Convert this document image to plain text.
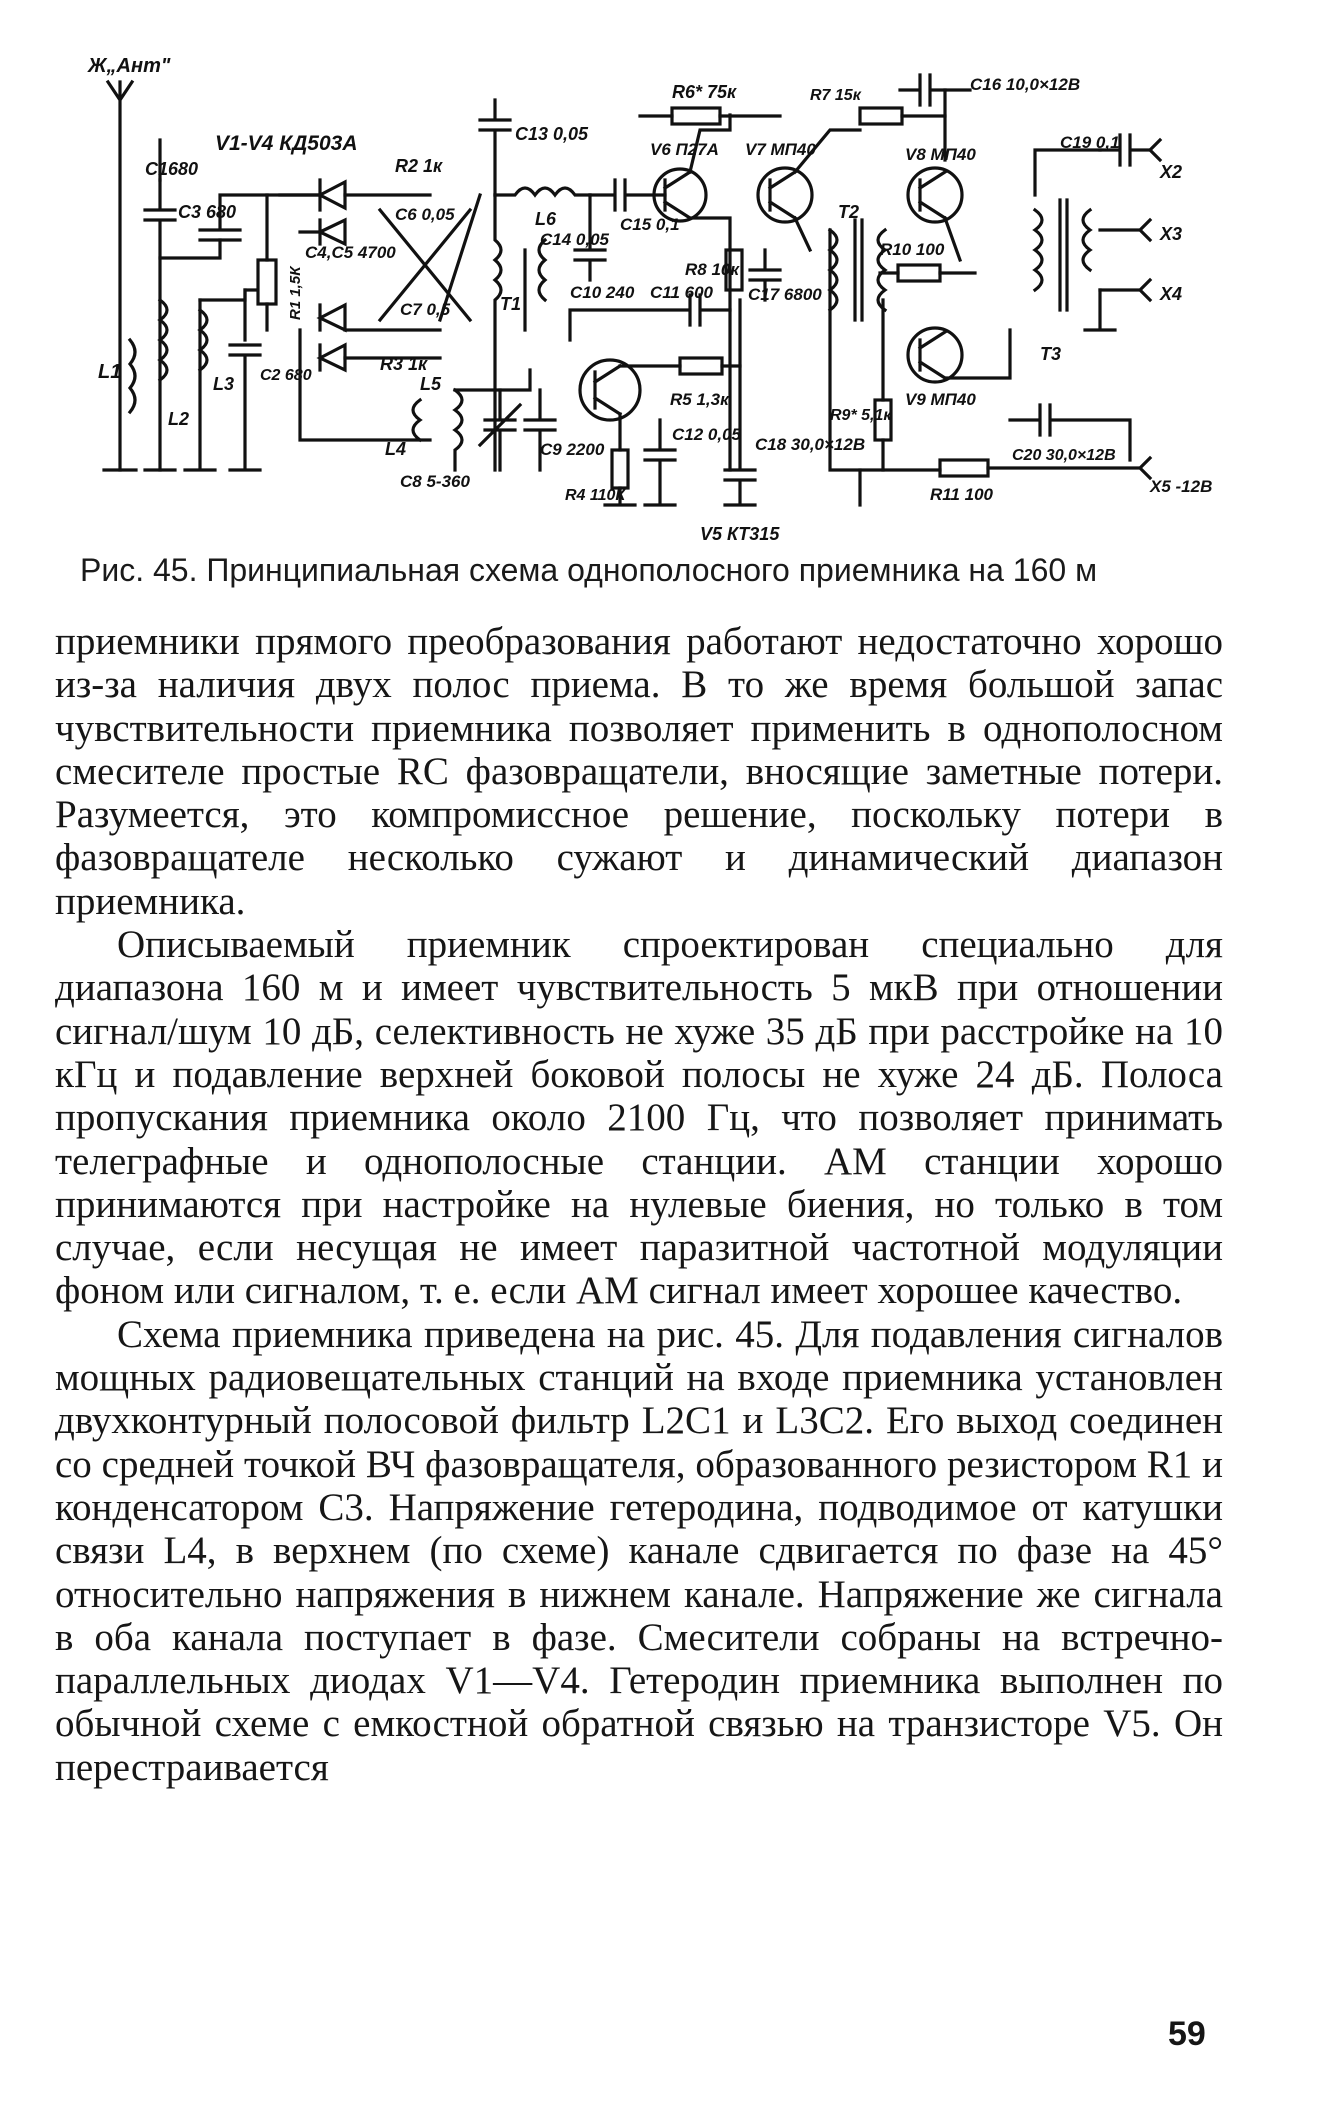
Ж„Ант"
V1-V4 КД503А
C1680
C3 680
C4,C5 4700
R1 1,5К
R2 1к
C6 0,05
C7 0,5
R3 1к
C13 0,05
L6
C14 0,05
C15 0,1
T1
C10 240 C11 600
R6* 75к
V6 П27А V7 МП40
R7 15к
C16 10,0×12В
R8 10к
C17 6800
T2
V8 МП40
C19 0,1
R10 100
X2
X3
X4
T3
V9 МП40
R9* 5,1к
C20 30,0×12В
X5 -12В
R11 100
L1
L2
L3 C2 680
L4
L5
C8 5-360
C9 2200
R4 110К
C12 0,05
R5 1,3к
C18 30,0×12В
V5 КТ315
Рис. 45. Принципиальная схема однополосного приемника на 160 м

приемники прямого преобразования работают недостаточно хорошо из-за наличия двух полос приема. В то же время большой запас чувствительности приемника позволяет применить в однополосном смесителе простые RC фазовращатели, вносящие заметные потери. Разумеется, это компромиссное решение, поскольку потери в фазовращателе несколько сужают и динамический диапазон приемника.

Описываемый приемник спроектирован специально для диапазона 160 м и имеет чувствительность 5 мкВ при отношении сигнал/шум 10 дБ, селективность не хуже 35 дБ при расстройке на 10 кГц и подавление верхней боковой полосы не хуже 24 дБ. Полоса пропускания приемника около 2100 Гц, что позволяет принимать телеграфные и однополосные станции. АМ станции хорошо принимаются при настройке на нулевые биения, но только в том случае, если несущая не имеет паразитной частотной модуляции фоном или сигналом, т. е. если АМ сигнал имеет хорошее качество.

Схема приемника приведена на рис. 45. Для подавления сигналов мощных радиовещательных станций на входе приемника установлен двухконтурный полосовой фильтр L2C1 и L3C2. Его выход соединен со средней точкой ВЧ фазовращателя, образованного резистором R1 и конденсатором C3. Напряжение гетеродина, подводимое от катушки связи L4, в верхнем (по схеме) канале сдвигается по фазе на 45° относительно напряжения в нижнем канале. Напряжение же сигнала в оба канала поступает в фазе. Смесители собраны на встречно-параллельных диодах V1—V4. Гетеродин приемника выполнен по обычной схеме с емкостной обратной связью на транзисторе V5. Он перестраивается

59
